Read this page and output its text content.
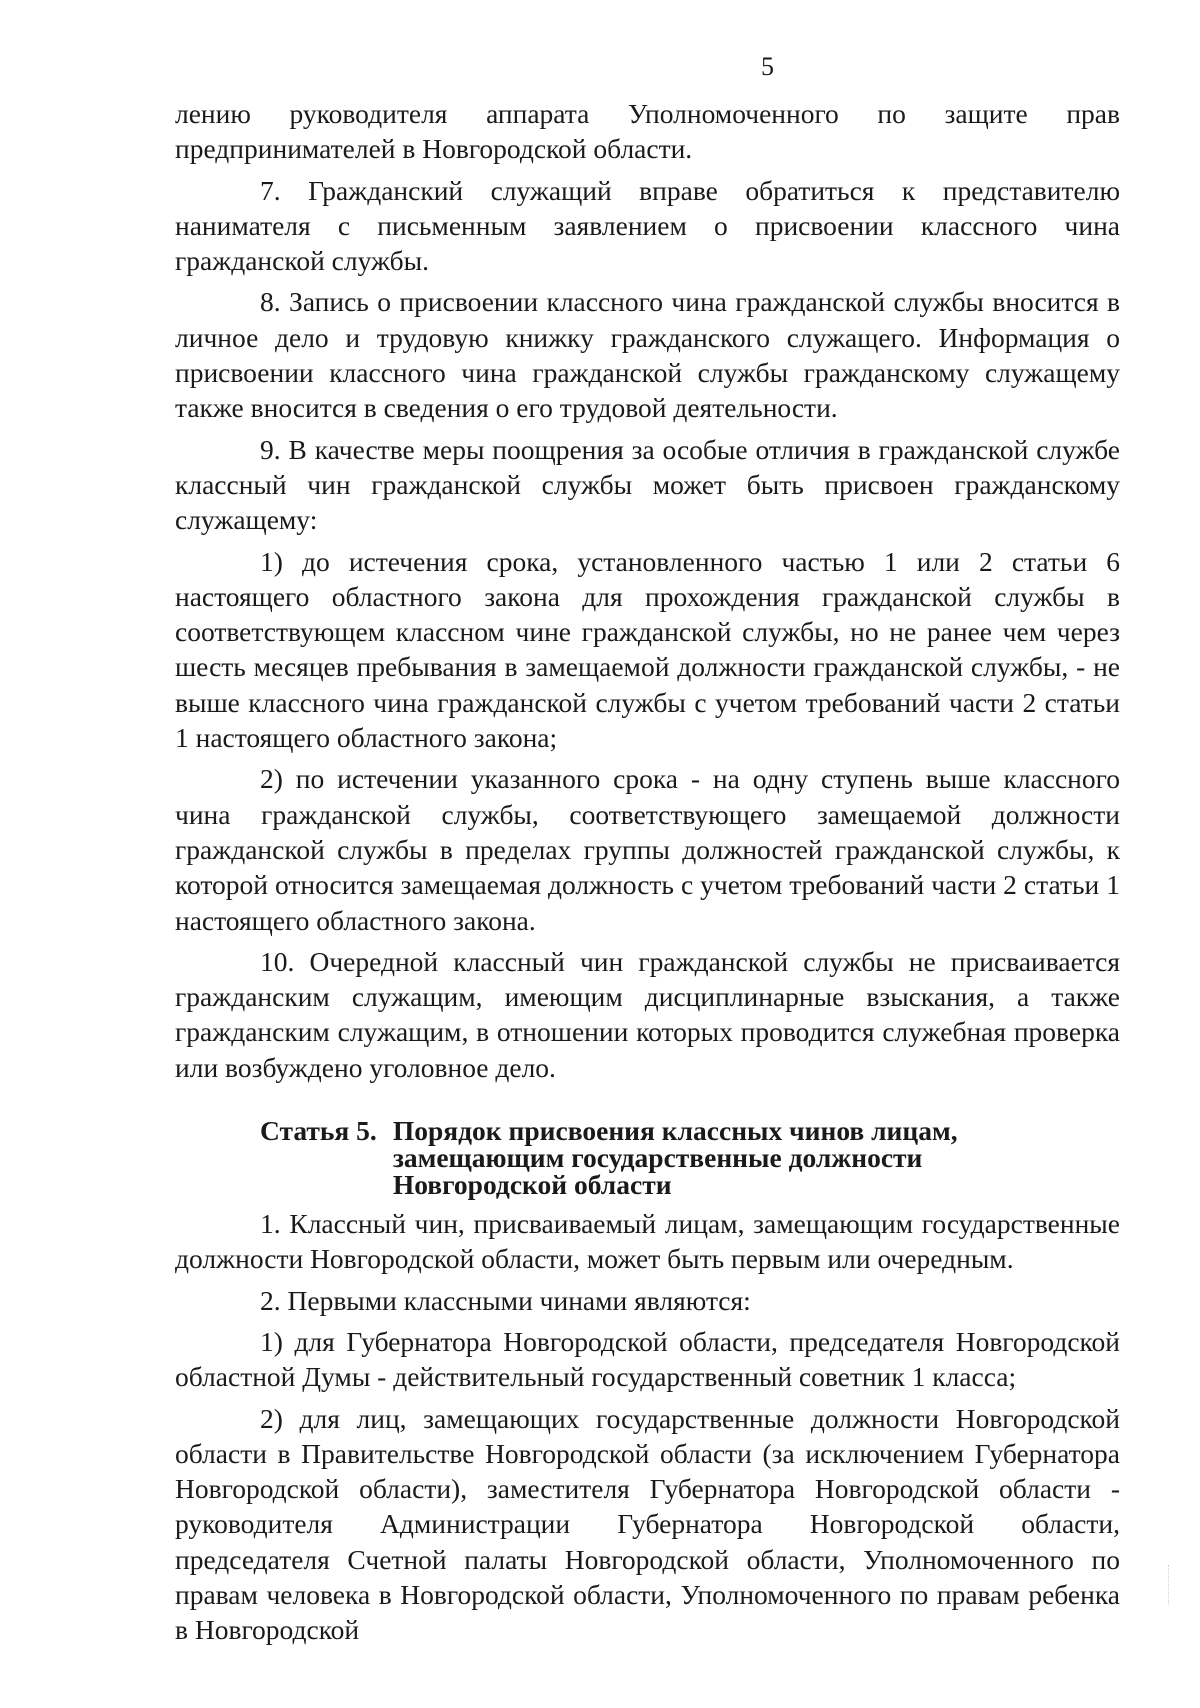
5

лению руководителя аппарата Уполномоченного по защите прав предпринимателей в Новгородской области.

7. Гражданский служащий вправе обратиться к представителю нанимателя с письменным заявлением о присвоении классного чина гражданской службы.

8. Запись о присвоении классного чина гражданской службы вносится в личное дело и трудовую книжку гражданского служащего. Информация о присвоении классного чина гражданской службы гражданскому служащему также вносится в сведения о его трудовой деятельности.

9. В качестве меры поощрения за особые отличия в гражданской службе классный чин гражданской службы может быть присвоен гражданскому служащему:

1) до истечения срока, установленного частью 1 или 2 статьи 6 настоящего областного закона для прохождения гражданской службы в соответствующем классном чине гражданской службы, но не ранее чем через шесть месяцев пребывания в замещаемой должности гражданской службы, - не выше классного чина гражданской службы с учетом требований части 2 статьи 1 настоящего областного закона;

2) по истечении указанного срока - на одну ступень выше классного чина гражданской службы, соответствующего замещаемой должности гражданской службы в пределах группы должностей гражданской службы, к которой относится замещаемая должность с учетом требований части 2 статьи 1 настоящего областного закона.

10. Очередной классный чин гражданской службы не присваивается гражданским служащим, имеющим дисциплинарные взыскания, а также гражданским служащим, в отношении которых проводится служебная проверка или возбуждено уголовное дело.

Статья 5. Порядок присвоения классных чинов лицам, замещающим государственные должности Новгородской области

1. Классный чин, присваиваемый лицам, замещающим государственные должности Новгородской области, может быть первым или очередным.

2. Первыми классными чинами являются:

1) для Губернатора Новгородской области, председателя Новгородской областной Думы - действительный государственный советник 1 класса;

2) для лиц, замещающих государственные должности Новгородской области в Правительстве Новгородской области (за исключением Губернатора Новгородской области), заместителя Губернатора Новгородской области - руководителя Администрации Губернатора Новгородской области, председателя Счетной палаты Новгородской области, Уполномоченного по правам человека в Новгородской области, Уполномоченного по правам ребенка в Новгородской
